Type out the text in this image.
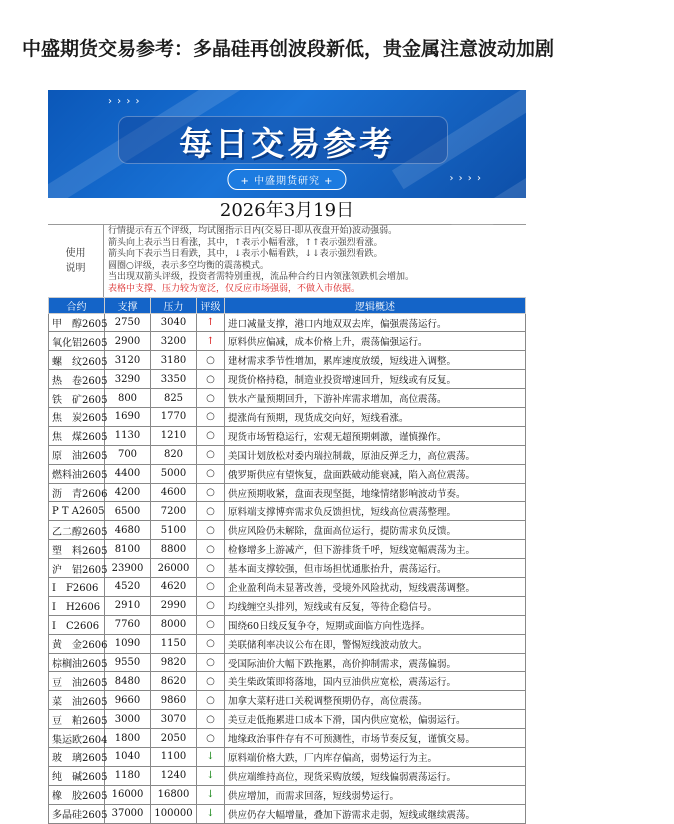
中盛期货交易参考：多晶硅再创波段新低，贵金属注意波动加剧
› › › ›
› › › ›
每日交易参考
+ 中盛期货研究 +
2026年3月19日
使用说明
行情提示有五个评级，均试图指示日内(交易日-即从夜盘开始)波动强弱。
箭头向上表示当日看涨，其中，↑表示小幅看涨，↑↑表示强烈看涨。
箭头向下表示当日看跌，其中，↓表示小幅看跌，↓↓表示强烈看跌。
圆圈○评级，表示多空均衡的震荡模式。
当出现双箭头评级，投资者需特别重视，流品种合约日内领涨领跌机会增加。
表格中支撑、压力较为宽泛，仅反应市场强弱，不做入市依据。
合约	支撑	压力	评级	逻辑概述
甲　醇2605	2750	3040	↑	进口减量支撑，港口内地双双去库，偏强震荡运行。
氧化铝2605	2900	3200	↑	原料供应偏减，成本价格上升，震荡偏强运行。
螺　纹2605	3120	3180	○	建材需求季节性增加，累库速度放缓，短线进入调整。
热　卷2605	3290	3350	○	现货价格持稳，制造业投资增速回升，短线或有反复。
铁　矿2605	800	825	○	铁水产量预期回升，下游补库需求增加，高位震荡。
焦　炭2605	1690	1770	○	提涨尚有预期，现货成交向好，短线看涨。
焦　煤2605	1130	1210	○	现货市场暂稳运行，宏观无超预期刺激，谨慎操作。
原　油2605	700	820	○	美国计划放松对委内瑞拉制裁，原油反弹乏力，高位震荡。
燃料油2605	4400	5000	○	俄罗斯供应有望恢复，盘面跌破动能衰减，陷入高位震荡。
沥　青2606	4200	4600	○	供应预期收紧，盘面表现坚挺，地缘情绪影响波动节奏。
P T A2605	6500	7200	○	原料端支撑博弈需求负反馈担忧，短线高位震荡整理。
乙二醇2605	4680	5100	○	供应风险仍未解除，盘面高位运行，提防需求负反馈。
塑　料2605	8100	8800	○	检修增多上游减产，但下游排货千呼，短线宽幅震荡为主。
沪　铝2605	23900	26000	○	基本面支撑较强，但市场担忧通胀抬升，震荡运行。
Ⅰ　F2606	4520	4620	○	企业盈利尚未显著改善，受境外风险扰动，短线震荡调整。
Ⅰ　H2606	2910	2990	○	均线缠空头排列，短线或有反复，等待企稳信号。
Ⅰ　C2606	7760	8000	○	围绕60日线反复争夺，短期或面临方向性选择。
黄　金2606	1090	1150	○	美联储利率决议公布在即，警惕短线波动放大。
棕榈油2605	9550	9820	○	受国际油价大幅下跌拖累，高价抑制需求，震荡偏弱。
豆　油2605	8480	8620	○	美生柴政策即将落地，国内豆油供应宽松，震荡运行。
菜　油2605	9660	9860	○	加拿大菜籽进口关税调整预期仍存，高位震荡。
豆　粕2605	3000	3070	○	美豆走低拖累进口成本下滑，国内供应宽松，偏弱运行。
集运欧2604	1800	2050	○	地缘政治事件存有不可预测性，市场节奏反复，谨慎交易。
玻　璃2605	1040	1100	↓	原料端价格大跌，厂内库存偏高，弱势运行为主。
纯　碱2605	1180	1240	↓	供应端维持高位，现货采购放缓，短线偏弱震荡运行。
橡　胶2605	16000	16800	↓	供应增加，而需求回落，短线弱势运行。
多晶硅2605	37000	100000	↓	供应仍存大幅增量，叠加下游需求走弱，短线或继续震荡。
